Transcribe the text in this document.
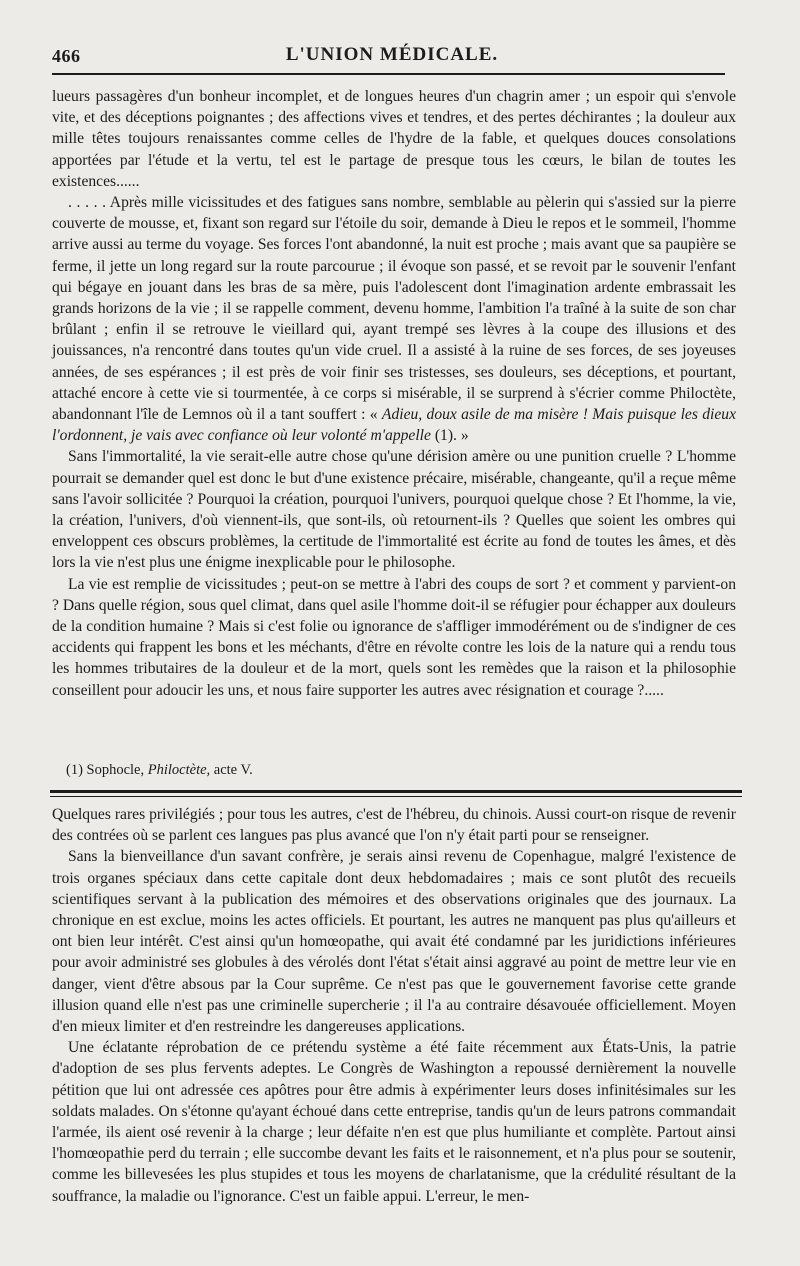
466	L'UNION MÉDICALE.

lueurs passagères d'un bonheur incomplet, et de longues heures d'un chagrin amer ; un espoir qui s'envole vite, et des déceptions poignantes ; des affections vives et tendres, et des pertes déchirantes ; la douleur aux mille têtes toujours renaissantes comme celles de l'hydre de la fable, et quelques douces consolations apportées par l'étude et la vertu, tel est le partage de presque tous les cœurs, le bilan de toutes les existences......

. . . . . Après mille vicissitudes et des fatigues sans nombre, semblable au pèlerin qui s'assied sur la pierre couverte de mousse, et, fixant son regard sur l'étoile du soir, demande à Dieu le repos et le sommeil, l'homme arrive aussi au terme du voyage. Ses forces l'ont abandonné, la nuit est proche ; mais avant que sa paupière se ferme, il jette un long regard sur la route parcourue ; il évoque son passé, et se revoit par le souvenir l'enfant qui bégaye en jouant dans les bras de sa mère, puis l'adolescent dont l'imagination ardente embrassait les grands horizons de la vie ; il se rappelle comment, devenu homme, l'ambition l'a traîné à la suite de son char brûlant ; enfin il se retrouve le vieillard qui, ayant trempé ses lèvres à la coupe des illusions et des jouissances, n'a rencontré dans toutes qu'un vide cruel. Il a assisté à la ruine de ses forces, de ses joyeuses années, de ses espérances ; il est près de voir finir ses tristesses, ses douleurs, ses déceptions, et pourtant, attaché encore à cette vie si tourmentée, à ce corps si misérable, il se surprend à s'écrier comme Philoctète, abandonnant l'île de Lemnos où il a tant souffert : « Adieu, doux asile de ma misère ! Mais puisque les dieux l'ordonnent, je vais avec confiance où leur volonté m'appelle (1). »

Sans l'immortalité, la vie serait-elle autre chose qu'une dérision amère ou une punition cruelle ? L'homme pourrait se demander quel est donc le but d'une existence précaire, misérable, changeante, qu'il a reçue même sans l'avoir sollicitée ? Pourquoi la création, pourquoi l'univers, pourquoi quelque chose ? Et l'homme, la vie, la création, l'univers, d'où viennent-ils, que sont-ils, où retournent-ils ? Quelles que soient les ombres qui enveloppent ces obscurs problèmes, la certitude de l'immortalité est écrite au fond de toutes les âmes, et dès lors la vie n'est plus une énigme inexplicable pour le philosophe.

La vie est remplie de vicissitudes ; peut-on se mettre à l'abri des coups de sort ? et comment y parvient-on ? Dans quelle région, sous quel climat, dans quel asile l'homme doit-il se réfugier pour échapper aux douleurs de la condition humaine ? Mais si c'est folie ou ignorance de s'affliger immodérément ou de s'indigner de ces accidents qui frappent les bons et les méchants, d'être en révolte contre les lois de la nature qui a rendu tous les hommes tributaires de la douleur et de la mort, quels sont les remèdes que la raison et la philosophie conseillent pour adoucir les uns, et nous faire supporter les autres avec résignation et courage ?.....

(1) Sophocle, Philoctète, acte V.

Quelques rares privilégiés ; pour tous les autres, c'est de l'hébreu, du chinois. Aussi court-on risque de revenir des contrées où se parlent ces langues pas plus avancé que l'on n'y était parti pour se renseigner.

Sans la bienveillance d'un savant confrère, je serais ainsi revenu de Copenhague, malgré l'existence de trois organes spéciaux dans cette capitale dont deux hebdomadaires ; mais ce sont plutôt des recueils scientifiques servant à la publication des mémoires et des observations originales que des journaux. La chronique en est exclue, moins les actes officiels. Et pourtant, les autres ne manquent pas plus qu'ailleurs et ont bien leur intérêt. C'est ainsi qu'un homœopathe, qui avait été condamné par les juridictions inférieures pour avoir administré ses globules à des vérolés dont l'état s'était ainsi aggravé au point de mettre leur vie en danger, vient d'être absous par la Cour suprême. Ce n'est pas que le gouvernement favorise cette grande illusion quand elle n'est pas une criminelle supercherie ; il l'a au contraire désavouée officiellement. Moyen d'en mieux limiter et d'en restreindre les dangereuses applications.

Une éclatante réprobation de ce prétendu système a été faite récemment aux États-Unis, la patrie d'adoption de ses plus fervents adeptes. Le Congrès de Washington a repoussé dernièrement la nouvelle pétition que lui ont adressée ces apôtres pour être admis à expérimenter leurs doses infinitésimales sur les soldats malades. On s'étonne qu'ayant échoué dans cette entreprise, tandis qu'un de leurs patrons commandait l'armée, ils aient osé revenir à la charge ; leur défaite n'en est que plus humiliante et complète. Partout ainsi l'homœopathie perd du terrain ; elle succombe devant les faits et le raisonnement, et n'a plus pour se soutenir, comme les billevesées les plus stupides et tous les moyens de charlatanisme, que la crédulité résultant de la souffrance, la maladie ou l'ignorance. C'est un faible appui. L'erreur, le men-
